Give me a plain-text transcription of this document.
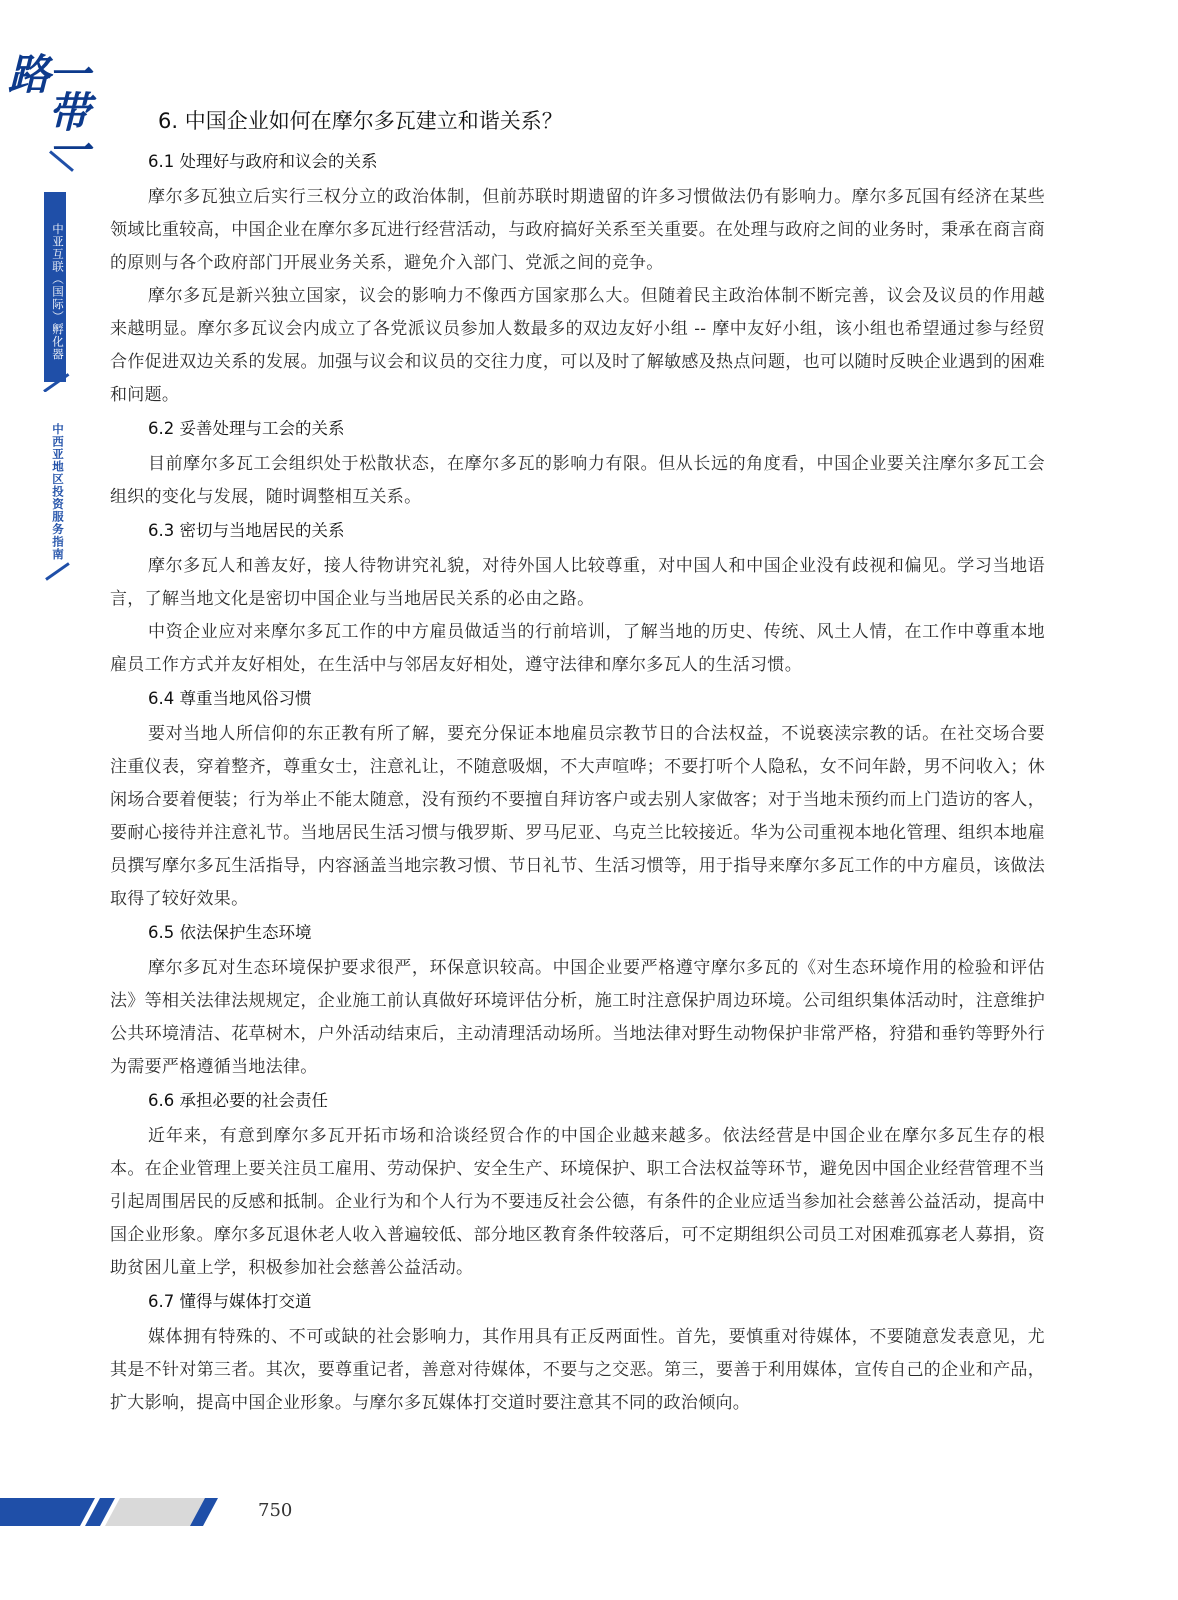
一带一路
中亚互联（国际）孵化器
中西亚地区投资服务指南
6. 中国企业如何在摩尔多瓦建立和谐关系？
6.1 处理好与政府和议会的关系

摩尔多瓦独立后实行三权分立的政治体制，但前苏联时期遗留的许多习惯做法仍有影响力。摩尔多瓦国有经济在某些领域比重较高，中国企业在摩尔多瓦进行经营活动，与政府搞好关系至关重要。在处理与政府之间的业务时，秉承在商言商的原则与各个政府部门开展业务关系，避免介入部门、党派之间的竞争。

摩尔多瓦是新兴独立国家，议会的影响力不像西方国家那么大。但随着民主政治体制不断完善，议会及议员的作用越来越明显。摩尔多瓦议会内成立了各党派议员参加人数最多的双边友好小组 -- 摩中友好小组，该小组也希望通过参与经贸合作促进双边关系的发展。加强与议会和议员的交往力度，可以及时了解敏感及热点问题，也可以随时反映企业遇到的困难和问题。

6.2 妥善处理与工会的关系

目前摩尔多瓦工会组织处于松散状态，在摩尔多瓦的影响力有限。但从长远的角度看，中国企业要关注摩尔多瓦工会组织的变化与发展，随时调整相互关系。

6.3 密切与当地居民的关系

摩尔多瓦人和善友好，接人待物讲究礼貌，对待外国人比较尊重，对中国人和中国企业没有歧视和偏见。学习当地语言，了解当地文化是密切中国企业与当地居民关系的必由之路。

中资企业应对来摩尔多瓦工作的中方雇员做适当的行前培训，了解当地的历史、传统、风土人情，在工作中尊重本地雇员工作方式并友好相处，在生活中与邻居友好相处，遵守法律和摩尔多瓦人的生活习惯。

6.4 尊重当地风俗习惯

要对当地人所信仰的东正教有所了解，要充分保证本地雇员宗教节日的合法权益，不说亵渎宗教的话。在社交场合要注重仪表，穿着整齐，尊重女士，注意礼让，不随意吸烟，不大声喧哗；不要打听个人隐私，女不问年龄，男不问收入；休闲场合要着便装；行为举止不能太随意，没有预约不要擅自拜访客户或去别人家做客；对于当地未预约而上门造访的客人，要耐心接待并注意礼节。当地居民生活习惯与俄罗斯、罗马尼亚、乌克兰比较接近。华为公司重视本地化管理、组织本地雇员撰写摩尔多瓦生活指导，内容涵盖当地宗教习惯、节日礼节、生活习惯等，用于指导来摩尔多瓦工作的中方雇员，该做法取得了较好效果。

6.5 依法保护生态环境

摩尔多瓦对生态环境保护要求很严，环保意识较高。中国企业要严格遵守摩尔多瓦的《对生态环境作用的检验和评估法》等相关法律法规规定，企业施工前认真做好环境评估分析，施工时注意保护周边环境。公司组织集体活动时，注意维护公共环境清洁、花草树木，户外活动结束后，主动清理活动场所。当地法律对野生动物保护非常严格，狩猎和垂钓等野外行为需要严格遵循当地法律。

6.6 承担必要的社会责任

近年来，有意到摩尔多瓦开拓市场和洽谈经贸合作的中国企业越来越多。依法经营是中国企业在摩尔多瓦生存的根本。在企业管理上要关注员工雇用、劳动保护、安全生产、环境保护、职工合法权益等环节，避免因中国企业经营管理不当引起周围居民的反感和抵制。企业行为和个人行为不要违反社会公德，有条件的企业应适当参加社会慈善公益活动，提高中国企业形象。摩尔多瓦退休老人收入普遍较低、部分地区教育条件较落后，可不定期组织公司员工对困难孤寡老人募捐，资助贫困儿童上学，积极参加社会慈善公益活动。

6.7 懂得与媒体打交道

媒体拥有特殊的、不可或缺的社会影响力，其作用具有正反两面性。首先，要慎重对待媒体，不要随意发表意见，尤其是不针对第三者。其次，要尊重记者，善意对待媒体，不要与之交恶。第三，要善于利用媒体，宣传自己的企业和产品，扩大影响，提高中国企业形象。与摩尔多瓦媒体打交道时要注意其不同的政治倾向。

750
